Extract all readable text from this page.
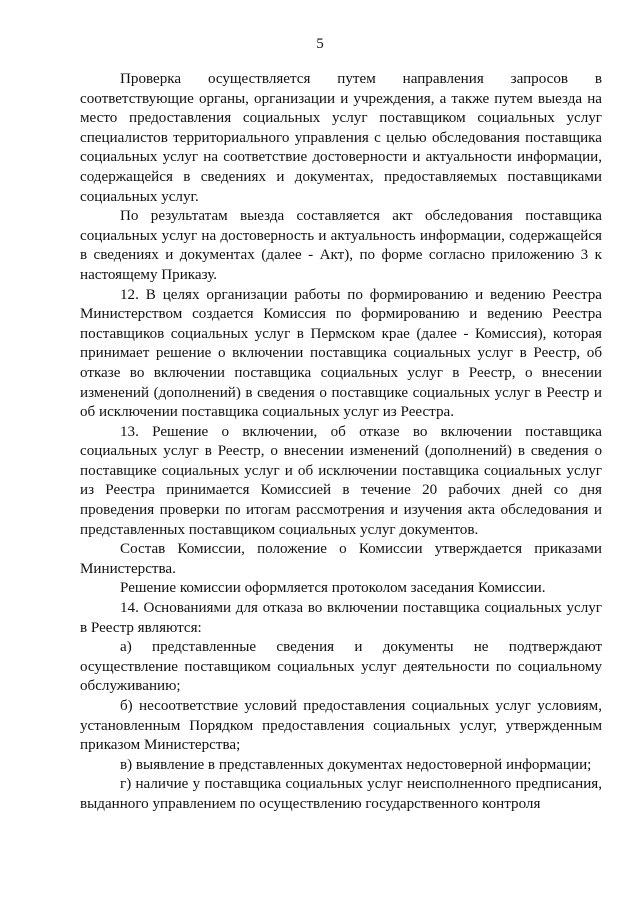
5

Проверка осуществляется путем направления запросов в соответствующие органы, организации и учреждения, а также путем выезда на место предоставления социальных услуг поставщиком социальных услуг специалистов территориального управления с целью обследования поставщика социальных услуг на соответствие достоверности и актуальности информации, содержащейся в сведениях и документах, предоставляемых поставщиками социальных услуг.

По результатам выезда составляется акт обследования поставщика социальных услуг на достоверность и актуальность информации, содержащейся в сведениях и документах (далее - Акт), по форме согласно приложению 3 к настоящему Приказу.

12. В целях организации работы по формированию и ведению Реестра Министерством создается Комиссия по формированию и ведению Реестра поставщиков социальных услуг в Пермском крае (далее - Комиссия), которая принимает решение о включении поставщика социальных услуг в Реестр, об отказе во включении поставщика социальных услуг в Реестр, о внесении изменений (дополнений) в сведения о поставщике социальных услуг в Реестр и об исключении поставщика социальных услуг из Реестра.

13. Решение о включении, об отказе во включении поставщика социальных услуг в Реестр, о внесении изменений (дополнений) в сведения о поставщике социальных услуг и об исключении поставщика социальных услуг из Реестра принимается Комиссией в течение 20 рабочих дней со дня проведения проверки по итогам рассмотрения и изучения акта обследования и представленных поставщиком социальных услуг документов.

Состав Комиссии, положение о Комиссии утверждается приказами Министерства.

Решение комиссии оформляется протоколом заседания Комиссии.

14. Основаниями для отказа во включении поставщика социальных услуг в Реестр являются:

а) представленные сведения и документы не подтверждают осуществление поставщиком социальных услуг деятельности по социальному обслуживанию;

б) несоответствие условий предоставления социальных услуг условиям, установленным Порядком предоставления социальных услуг, утвержденным приказом Министерства;

в) выявление в представленных документах недостоверной информации;

г) наличие у поставщика социальных услуг неисполненного предписания, выданного управлением по осуществлению государственного контроля
